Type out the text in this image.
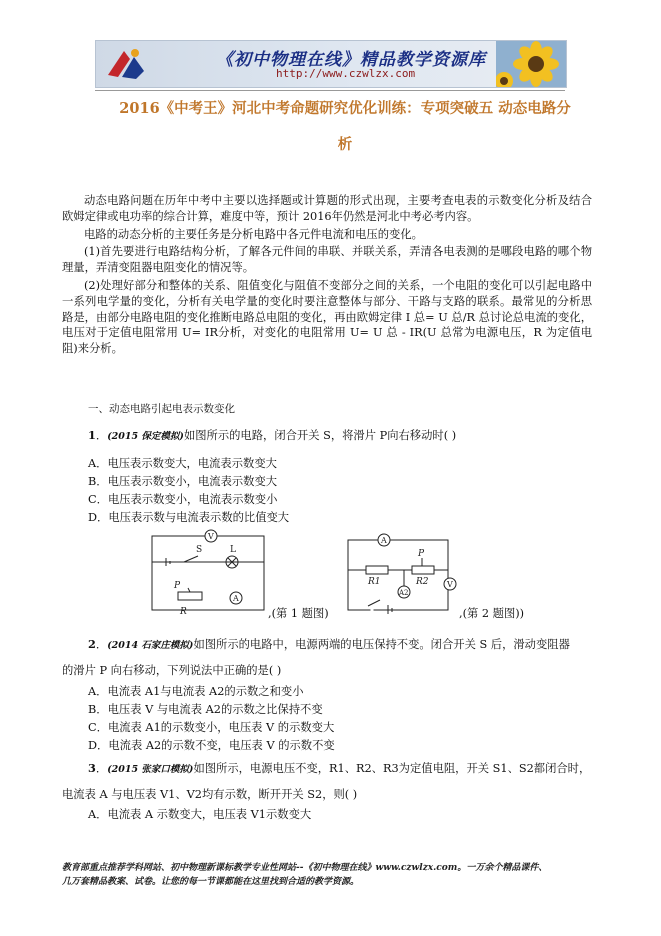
《初中物理在线》精品教学资源库
http://www.czwlzx.com
2016《中考王》河北中考命题研究优化训练：专项突破五 动态电路分
析

动态电路问题在历年中考中主要以选择题或计算题的形式出现，主要考查电表的示数变化分析及结合欧姆定律或电功率的综合计算，难度中等，预计 2016年仍然是河北中考必考内容。

电路的动态分析的主要任务是分析电路中各元件电流和电压的变化。

(1)首先要进行电路结构分析，了解各元件间的串联、并联关系，弄清各电表测的是哪段电路的哪个物理量，弄清变阻器电阻变化的情况等。

(2)处理好部分和整体的关系、阻值变化与阻值不变部分之间的关系，一个电阻的变化可以引起电路中一系列电学量的变化，分析有关电学量的变化时要注意整体与部分、干路与支路的联系。最常见的分析思路是，由部分电路电阻的变化推断电路总电阻的变化，再由欧姆定律 I 总= U 总/R 总讨论总电流的变化，电压对于定值电阻常用 U= IR分析，对变化的电阻常用 U= U 总 - IR(U 总常为电源电压，R 为定值电阻)来分析。

一、动态电路引起电表示数变化
1．(2015 保定模拟)如图所示的电路，闭合开关 S，将滑片 P向右移动时( )
A．电压表示数变大，电流表示数变大
B．电压表示数变小，电流表示数变大
C．电压表示数变小，电流表示数变小
D．电压表示数与电流表示数的比值变大
V
S	L
P
R
A
,(第 1 题图)
A
R1
P
R2 V
A2
,(第 2 题图))
2．(2014 石家庄模拟)如图所示的电路中，电源两端的电压保持不变。闭合开关 S 后，滑动变阻器
的滑片 P 向右移动，下列说法中正确的是( )
A．电流表 A1与电流表 A2的示数之和变小
B．电压表 V 与电流表 A2的示数之比保持不变
C．电流表 A1的示数变小，电压表 V 的示数变大
D．电流表 A2的示数不变，电压表 V 的示数不变
3．(2015 张家口模拟)如图所示，电源电压不变，R1、R2、R3为定值电阻，开关 S1、S2都闭合时，
电流表 A 与电压表 V1、V2均有示数，断开开关 S2，则( )
A．电流表 A 示数变大，电压表 V1示数变大
教育部重点推荐学科网站、初中物理新课标教学专业性网站--《初中物理在线》www.czwlzx.com。一万余个精品课件、
几万套精品教案、试卷。让您的每一节课都能在这里找到合适的教学资源。
